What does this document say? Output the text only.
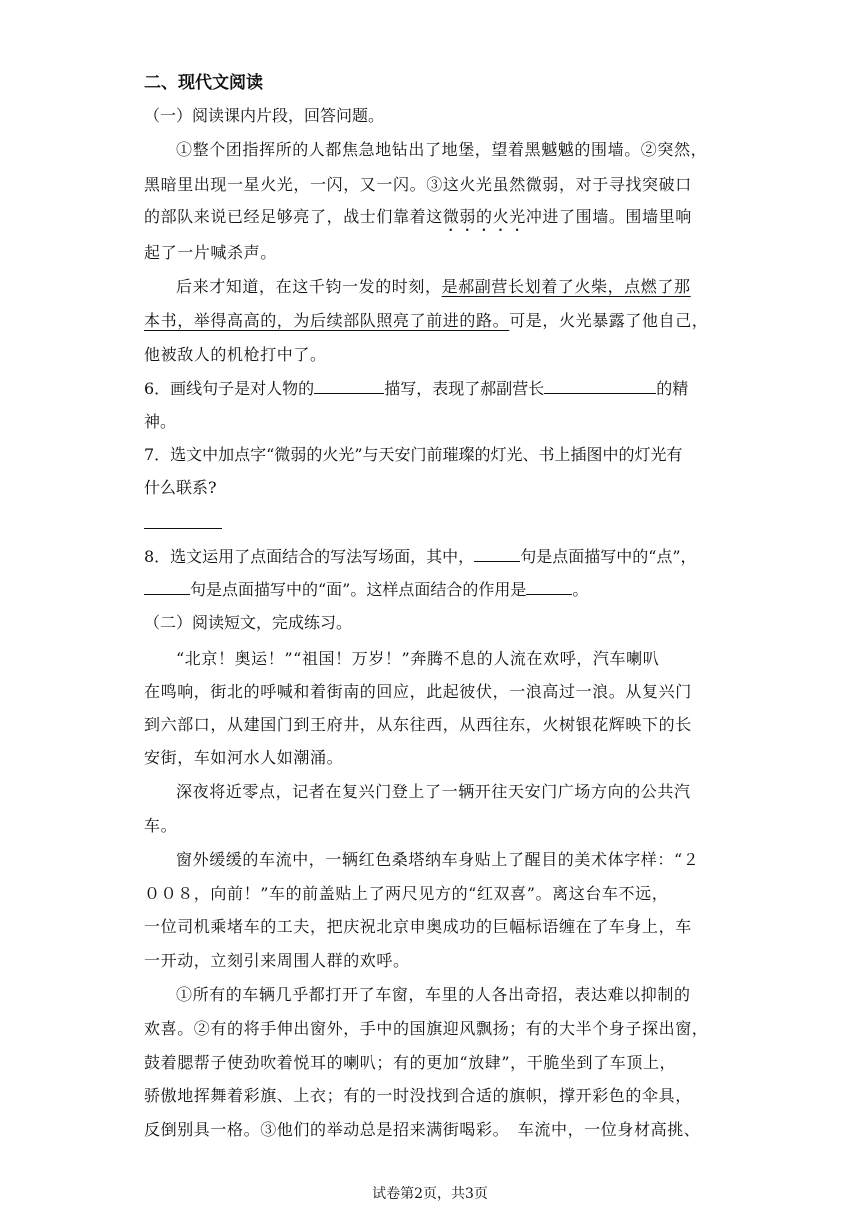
二、现代文阅读
（一）阅读课内片段，回答问题。
①整个团指挥所的人都焦急地钻出了地堡，望着黑魆魆的围墙。②突然，
黑暗里出现一星火光，一闪，又一闪。③这火光虽然微弱，对于寻找突破口
的部队来说已经足够亮了，战士们靠着这微弱的火光冲进了围墙。围墙里响
起了一片喊杀声。
后来才知道，在这千钧一发的时刻，是郝副营长划着了火柴，点燃了那
本书，举得高高的，为后续部队照亮了前进的路。可是，火光暴露了他自己，
他被敌人的机枪打中了。
6．画线句子是对人物的	描写，表现了郝副营长	的精
神。
7．选文中加点字“微弱的火光”与天安门前璀璨的灯光、书上插图中的灯光有
什么联系?
8．选文运用了点面结合的写法写场面，其中，	句是点面描写中的“点”，
句是点面描写中的“面”。这样点面结合的作用是	。
（二）阅读短文，完成练习。
“北京！奥运！”“祖国！万岁！”奔腾不息的人流在欢呼，汽车喇叭
在鸣响，街北的呼喊和着街南的回应，此起彼伏，一浪高过一浪。从复兴门
到六部口，从建国门到王府井，从东往西，从西往东，火树银花辉映下的长
安街，车如河水人如潮涌。
深夜将近零点，记者在复兴门登上了一辆开往天安门广场方向的公共汽
车。
窗外缓缓的车流中，一辆红色桑塔纳车身贴上了醒目的美术体字样：“２
００８，向前！”车的前盖贴上了两尺见方的“红双喜”。离这台车不远，
一位司机乘堵车的工夫，把庆祝北京申奥成功的巨幅标语缠在了车身上，车
一开动，立刻引来周围人群的欢呼。
①所有的车辆几乎都打开了车窗，车里的人各出奇招，表达难以抑制的
欢喜。②有的将手伸出窗外，手中的国旗迎风飘扬；有的大半个身子探出窗，
鼓着腮帮子使劲吹着悦耳的喇叭；有的更加“放肆”，干脆坐到了车顶上，
骄傲地挥舞着彩旗、上衣；有的一时没找到合适的旗帜，撑开彩色的伞具，
反倒别具一格。③他们的举动总是招来满街喝彩。　车流中，一位身材高挑、
试卷第2页，共3页
